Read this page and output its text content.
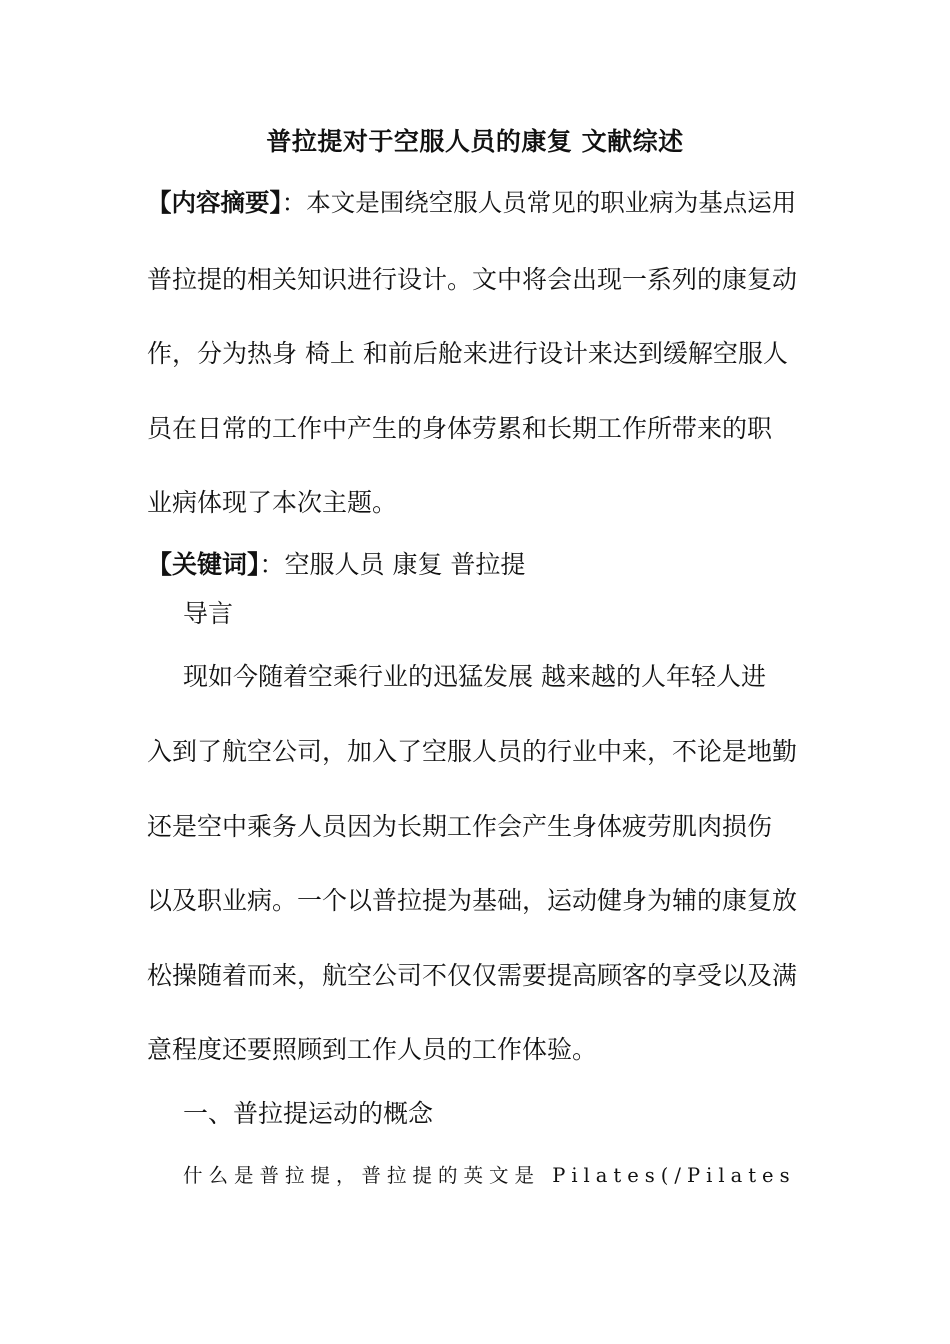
普拉提对于空服人员的康复 文献综述
【内容摘要】：本文是围绕空服人员常见的职业病为基点运用
普拉提的相关知识进行设计。文中将会出现一系列的康复动
作，分为热身 椅上 和前后舱来进行设计来达到缓解空服人
员在日常的工作中产生的身体劳累和长期工作所带来的职
业病体现了本次主题。
【关键词】：空服人员 康复 普拉提
导言
现如今随着空乘行业的迅猛发展 越来越的人年轻人进
入到了航空公司，加入了空服人员的行业中来，不论是地勤
还是空中乘务人员因为长期工作会产生身体疲劳肌肉损伤
以及职业病。一个以普拉提为基础，运动健身为辅的康复放
松操随着而来，航空公司不仅仅需要提高顾客的享受以及满
意程度还要照顾到工作人员的工作体验。
一、普拉提运动的概念
什么是普拉提，普拉提的英文是 Pilates(/Pilates
